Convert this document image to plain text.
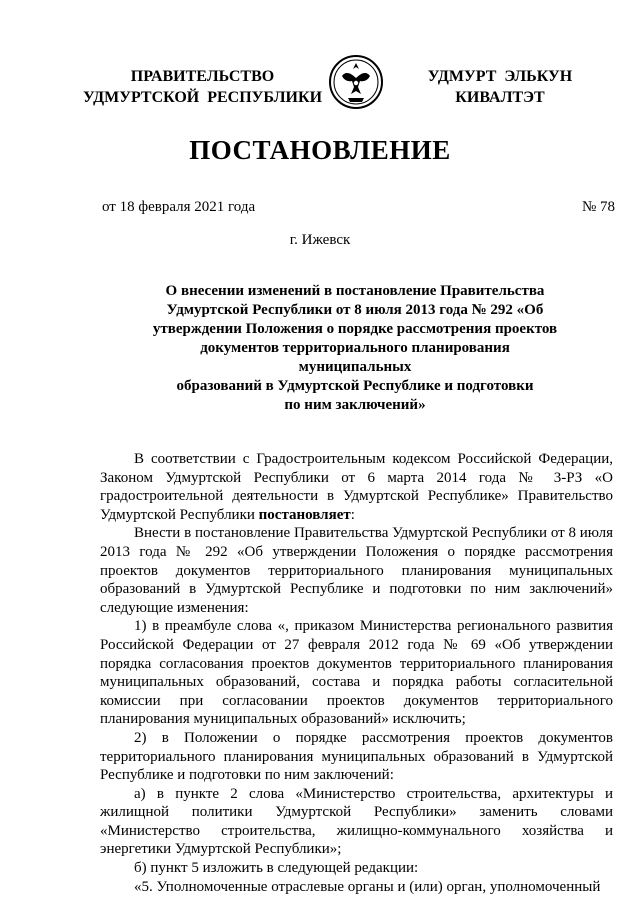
ПРАВИТЕЛЬСТВО
УДМУРТСКОЙ  РЕСПУБЛИКИ
УДМУРТ  ЭЛЬКУН
КИВАЛТЭТ
ПОСТАНОВЛЕНИЕ
от 18 февраля 2021 года	№ 78
г. Ижевск
О внесении изменений в постановление Правительства
Удмуртской Республики от 8 июля 2013 года № 292 «Об
утверждении Положения о порядке рассмотрения проектов
документов территориального планирования муниципальных
образований в Удмуртской Республике и подготовки
по ним заключений»

В соответствии с Градостроительным кодексом Российской Федерации, Законом Удмуртской Республики от 6 марта 2014 года № 3-РЗ «О градостроительной деятельности в Удмуртской Республике» Правительство Удмуртской Республики постановляет:

Внести в постановление Правительства Удмуртской Республики от 8 июля 2013 года № 292 «Об утверждении Положения о порядке рассмотрения проектов документов территориального планирования муниципальных образований в Удмуртской Республике и подготовки по ним заключений» следующие изменения:

1) в преамбуле слова «, приказом Министерства регионального развития Российской Федерации от 27 февраля 2012 года № 69 «Об утверждении порядка согласования проектов документов территориального планирования муниципальных образований, состава и порядка работы согласительной комиссии при согласовании проектов документов территориального планирования муниципальных образований» исключить;

2) в Положении о порядке рассмотрения проектов документов территориального планирования муниципальных образований в Удмуртской Республике и подготовки по ним заключений:

а) в пункте 2 слова «Министерство строительства, архитектуры и жилищной политики Удмуртской Республики» заменить словами «Министерство строительства, жилищно-коммунального хозяйства и энергетики Удмуртской Республики»;

б) пункт 5 изложить в следующей редакции:

«5. Уполномоченные отраслевые органы и (или) орган, уполномоченный
